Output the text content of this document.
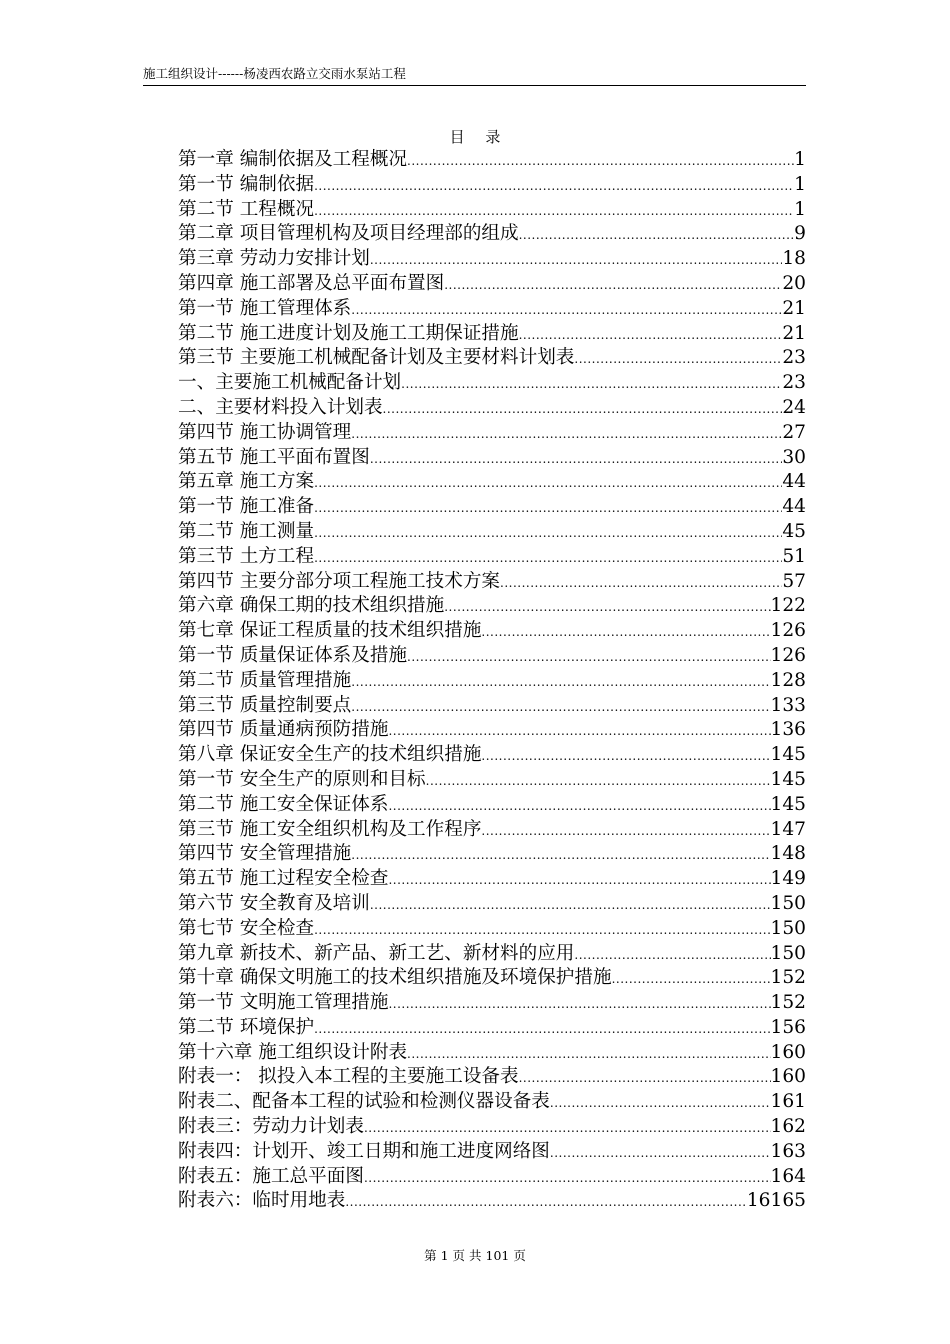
施工组织设计------杨凌西农路立交雨水泵站工程
目 录
第一章 编制依据及工程概况 .....	1
第一节 编制依据 .....	1
第二节 工程概况 .....	1
第二章 项目管理机构及项目经理部的组成 .....	9
第三章 劳动力安排计划 .....	18
第四章 施工部署及总平面布置图 .....	20
第一节 施工管理体系 .....	21
第二节 施工进度计划及施工工期保证措施 .....	21
第三节 主要施工机械配备计划及主要材料计划表 .....	23
一、主要施工机械配备计划 .....	23
二、主要材料投入计划表 .....	24
第四节 施工协调管理 .....	27
第五节 施工平面布置图 .....	30
第五章 施工方案 .....	44
第一节 施工准备 .....	44
第二节 施工测量 .....	45
第三节 土方工程 .....	51
第四节 主要分部分项工程施工技术方案 .....	57
第六章 确保工期的技术组织措施 .....	122
第七章 保证工程质量的技术组织措施 .....	126
第一节 质量保证体系及措施 .....	126
第二节 质量管理措施 .....	128
第三节 质量控制要点 .....	133
第四节 质量通病预防措施 .....	136
第八章 保证安全生产的技术组织措施 .....	145
第一节 安全生产的原则和目标 .....	145
第二节 施工安全保证体系 .....	145
第三节 施工安全组织机构及工作程序 .....	147
第四节 安全管理措施 .....	148
第五节 施工过程安全检查 .....	149
第六节 安全教育及培训 .....	150
第七节 安全检查 .....	150
第九章 新技术、新产品、新工艺、新材料的应用 .....	150
第十章 确保文明施工的技术组织措施及环境保护措施 .....	152
第一节 文明施工管理措施 .....	152
第二节 环境保护 .....	156
第十六章 施工组织设计附表 .....	160
附表一： 拟投入本工程的主要施工设备表 .....	160
附表二、配备本工程的试验和检测仪器设备表 .....	161
附表三：劳动力计划表 .....	162
附表四：计划开、竣工日期和施工进度网络图 .....	163
附表五：施工总平面图 .....	164
附表六：临时用地表 .....	16165
第 1 页 共 101 页
